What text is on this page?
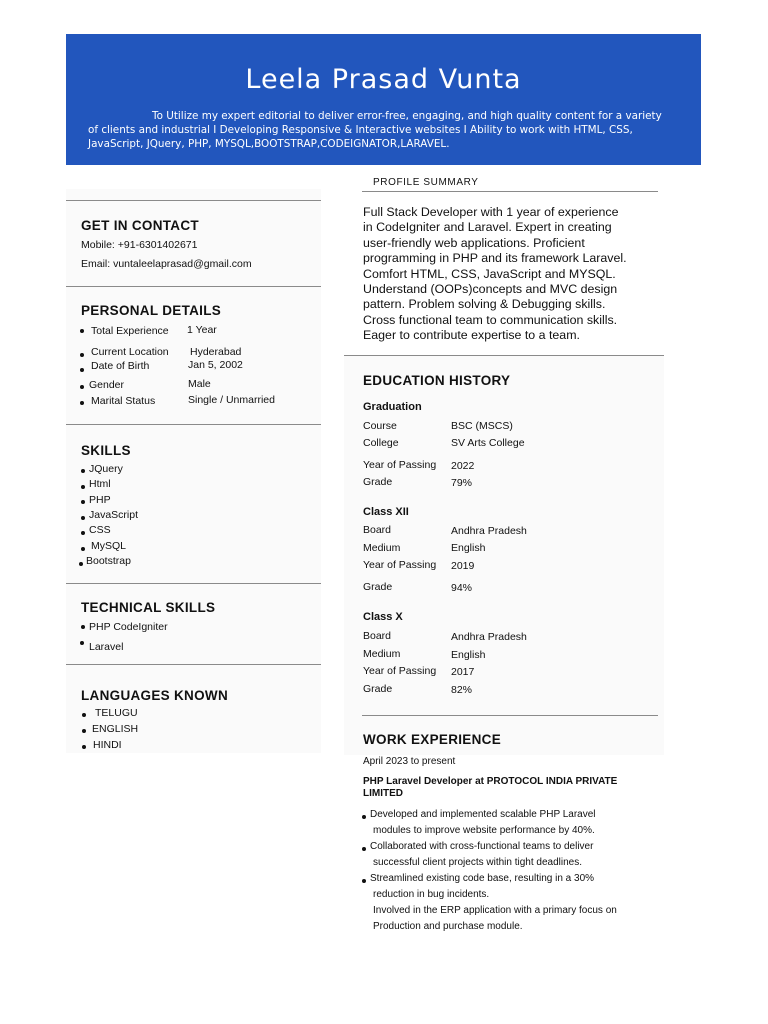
Leela Prasad Vunta
To Utilize my expert editorial to deliver error-free, engaging, and high quality content for a variety
of clients and industrial I Developing Responsive & Interactive websites I Ability to work with HTML, CSS,
JavaScript, JQuery, PHP, MYSQL,BOOTSTRAP,CODEIGNATOR,LARAVEL.
GET IN CONTACT
Mobile: +91-6301402671
Email: vuntaleelaprasad@gmail.com
PERSONAL DETAILS
Total Experience 1 Year
Current Location Hyderabad
Date of Birth	Jan 5, 2002
Gender	Male
Marital Status	Single / Unmarried
SKILLS
JQuery
Html
PHP
JavaScript
CSS
MySQL
Bootstrap
TECHNICAL SKILLS
PHP CodeIgniter
Laravel
LANGUAGES KNOWN
TELUGU
ENGLISH
HINDI
PROFILE SUMMARY
Full Stack Developer with 1 year of experience
in CodeIgniter and Laravel. Expert in creating
user-friendly web applications. Proficient
programming in PHP and its framework Laravel.
Comfort HTML, CSS, JavaScript and MYSQL.
Understand (OOPs)concepts and MVC design
pattern. Problem solving & Debugging skills.
Cross functional team to communication skills.
Eager to contribute expertise to a team.
EDUCATION HISTORY
Graduation
Course	BSC (MSCS)
College	SV Arts College
Year of Passing 2022
Grade	79%
Class XII
Board	Andhra Pradesh
Medium	English
Year of Passing 2019
Grade	94%
Class X
Board	Andhra Pradesh
Medium	English
Year of Passing 2017
Grade	82%
WORK EXPERIENCE
April 2023 to present
PHP Laravel Developer at PROTOCOL INDIA PRIVATE
LIMITED
Developed and implemented scalable PHP Laravel
modules to improve website performance by 40%.
Collaborated with cross-functional teams to deliver
successful client projects within tight deadlines.
Streamlined existing code base, resulting in a 30%
reduction in bug incidents.
Involved in the ERP application with a primary focus on
Production and purchase module.
